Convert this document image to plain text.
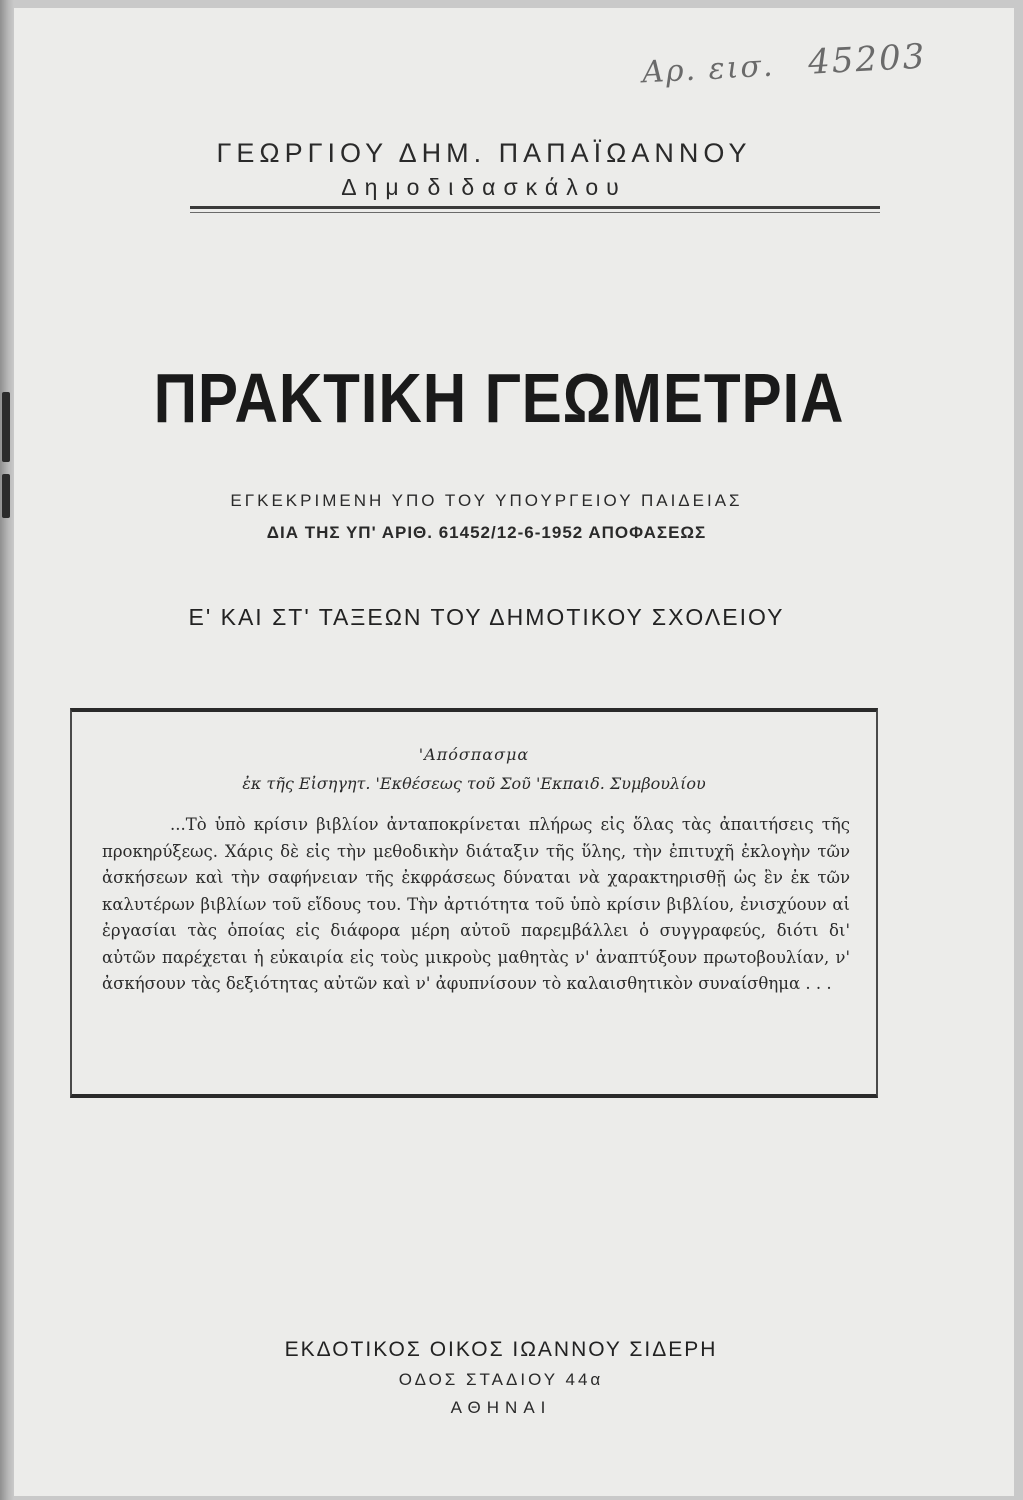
Αρ. εισ. 45203
ΓΕΩΡΓΙΟΥ ΔΗΜ. ΠΑΠΑΪΩΑΝΝΟΥ
Δημοδιδασκάλου
ΠΡΑΚΤΙΚΗ ΓΕΩΜΕΤΡΙΑ
ΕΓΚΕΚΡΙΜΕΝΗ ΥΠΟ ΤΟΥ ΥΠΟΥΡΓΕΙΟΥ ΠΑΙΔΕΙΑΣ
ΔΙΑ ΤΗΣ ΥΠ' ΑΡΙΘ. 61452/12-6-1952 ΑΠΟΦΑΣΕΩΣ
Ε' ΚΑΙ ΣΤ' ΤΑΞΕΩΝ ΤΟΥ ΔΗΜΟΤΙΚΟΥ ΣΧΟΛΕΙΟΥ
'Απόσπασμα
ἐκ τῆς Εἰσηγητ. 'Εκθέσεως τοῦ Σοῦ 'Εκπαιδ. Συμβουλίου
...Τὸ ὑπὸ κρίσιν βιβλίον ἀνταποκρίνεται πλήρως εἰς ὅλας τὰς ἀπαιτήσεις τῆς προκηρύξεως. Χάρις δὲ εἰς τὴν μεθοδικὴν διάταξιν τῆς ὕλης, τὴν ἐπιτυχῆ ἐκλογὴν τῶν ἀσκήσεων καὶ τὴν σαφήνειαν τῆς ἐκφράσεως δύναται νὰ χαρακτηρισθῇ ὡς ἓν ἐκ τῶν καλυτέρων βιβλίων τοῦ εἴδους του. Τὴν ἀρτιότητα τοῦ ὑπὸ κρίσιν βιβλίου, ἐνισχύουν αἱ ἐργασίαι τὰς ὁποίας εἰς διάφορα μέρη αὐτοῦ παρεμβάλλει ὁ συγγραφεύς, διότι δι' αὐτῶν παρέχεται ἡ εὐκαιρία εἰς τοὺς μικροὺς μαθητὰς ν' ἀναπτύξουν πρωτοβουλίαν, ν' ἀσκήσουν τὰς δεξιότητας αὐτῶν καὶ ν' ἀφυπνίσουν τὸ καλαισθητικὸν συναίσθημα . . .
ΕΚΔΟΤΙΚΟΣ ΟΙΚΟΣ ΙΩΑΝΝΟΥ ΣΙΔΕΡΗ
ΟΔΟΣ ΣΤΑΔΙΟΥ 44α
ΑΘΗΝΑΙ
